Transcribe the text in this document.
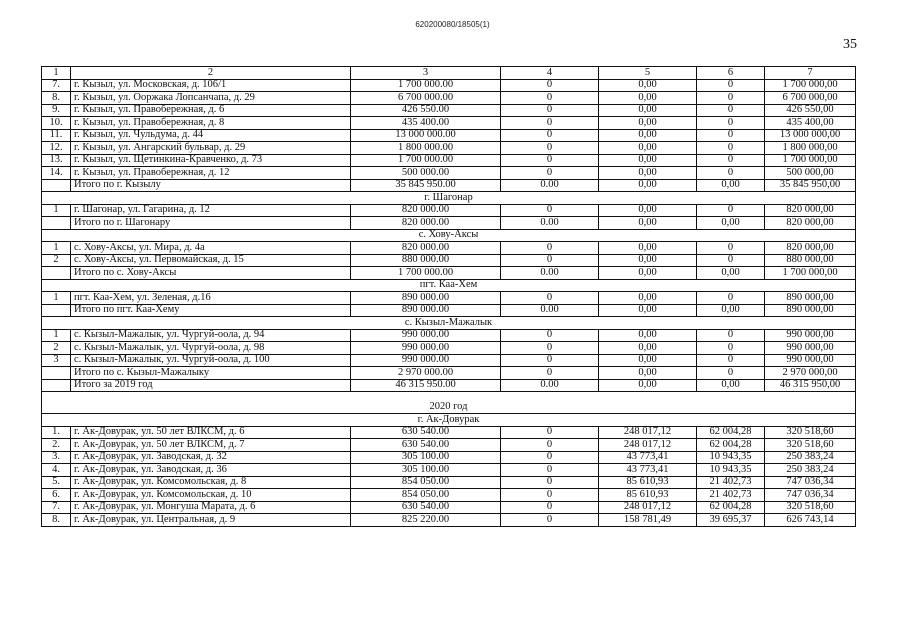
620200080/18505(1)
35
1	2	3	4	5	6	7
7.	г. Кызыл, ул. Московская, д. 106/1	1 700 000.00	0	0,00	0	1 700 000,00
8.	г. Кызыл, ул. Ооржака Лопсанчапа, д. 29	6 700 000.00	0	0,00	0	6 700 000,00
9.	г. Кызыл, ул. Правобережная, д. 6	426 550.00	0	0,00	0	426 550,00
10.	г. Кызыл, ул. Правобережная, д. 8	435 400.00	0	0,00	0	435 400,00
11.	г. Кызыл, ул. Чульдума, д. 44	13 000 000.00	0	0,00	0	13 000 000,00
12.	г. Кызыл, ул. Ангарский бульвар, д. 29	1 800 000.00	0	0,00	0	1 800 000,00
13.	г. Кызыл, ул. Щетинкина-Кравченко, д. 73	1 700 000.00	0	0,00	0	1 700 000,00
14.	г. Кызыл, ул. Правобережная, д. 12	500 000.00	0	0,00	0	500 000,00
	Итого по г. Кызылу	35 845 950.00	0.00	0,00	0,00	35 845 950,00
г. Шагонар						
1	г. Шагонар, ул. Гагарина, д. 12	820 000.00	0	0,00	0	820 000,00
	Итого по г. Шагонару	820 000.00	0.00	0,00	0,00	820 000,00
с. Хову-Аксы						
1	с. Хову-Аксы, ул. Мира, д. 4а	820 000.00	0	0,00	0	820 000,00
2	с. Хову-Аксы, ул. Первомайская, д. 15	880 000.00	0	0,00	0	880 000,00
	Итого по с. Хову-Аксы	1 700 000.00	0.00	0,00	0,00	1 700 000,00
пгт. Каа-Хем						
1	пгт. Каа-Хем, ул. Зеленая, д.16	890 000.00	0	0,00	0	890 000,00
	Итого по пгт. Каа-Хему	890 000.00	0.00	0,00	0,00	890 000,00
с. Кызыл-Мажалык						
1	с. Кызыл-Мажалык, ул. Чургуй-оола, д. 94	990 000.00	0	0,00	0	990 000,00
2	с. Кызыл-Мажалык, ул. Чургуй-оола, д. 98	990 000.00	0	0,00	0	990 000,00
3	с. Кызыл-Мажалык, ул. Чургуй-оола, д. 100	990 000.00	0	0,00	0	990 000,00
	Итого по с. Кызыл-Мажалыку	2 970 000.00	0	0,00	0	2 970 000,00
	Итого за 2019 год	46 315 950.00	0.00	0,00	0,00	46 315 950,00
2020 год						
г. Ак-Довурак						
1.	г. Ак-Довурак, ул. 50 лет ВЛКСМ, д. 6	630 540.00	0	248 017,12	62 004,28	320 518,60
2.	г. Ак-Довурак, ул. 50 лет ВЛКСМ, д. 7	630 540.00	0	248 017,12	62 004,28	320 518,60
3.	г. Ак-Довурак, ул. Заводская, д. 32	305 100.00	0	43 773,41	10 943,35	250 383,24
4.	г. Ак-Довурак, ул. Заводская, д. 36	305 100.00	0	43 773,41	10 943,35	250 383,24
5.	г. Ак-Довурак, ул. Комсомольская, д. 8	854 050.00	0	85 610,93	21 402,73	747 036,34
6.	г. Ак-Довурак, ул. Комсомольская, д. 10	854 050.00	0	85 610,93	21 402,73	747 036,34
7.	г. Ак-Довурак, ул. Монгуша Марата, д. 6	630 540.00	0	248 017,12	62 004,28	320 518,60
8.	г. Ак-Довурак, ул. Центральная, д. 9	825 220.00	0	158 781,49	39 695,37	626 743,14
